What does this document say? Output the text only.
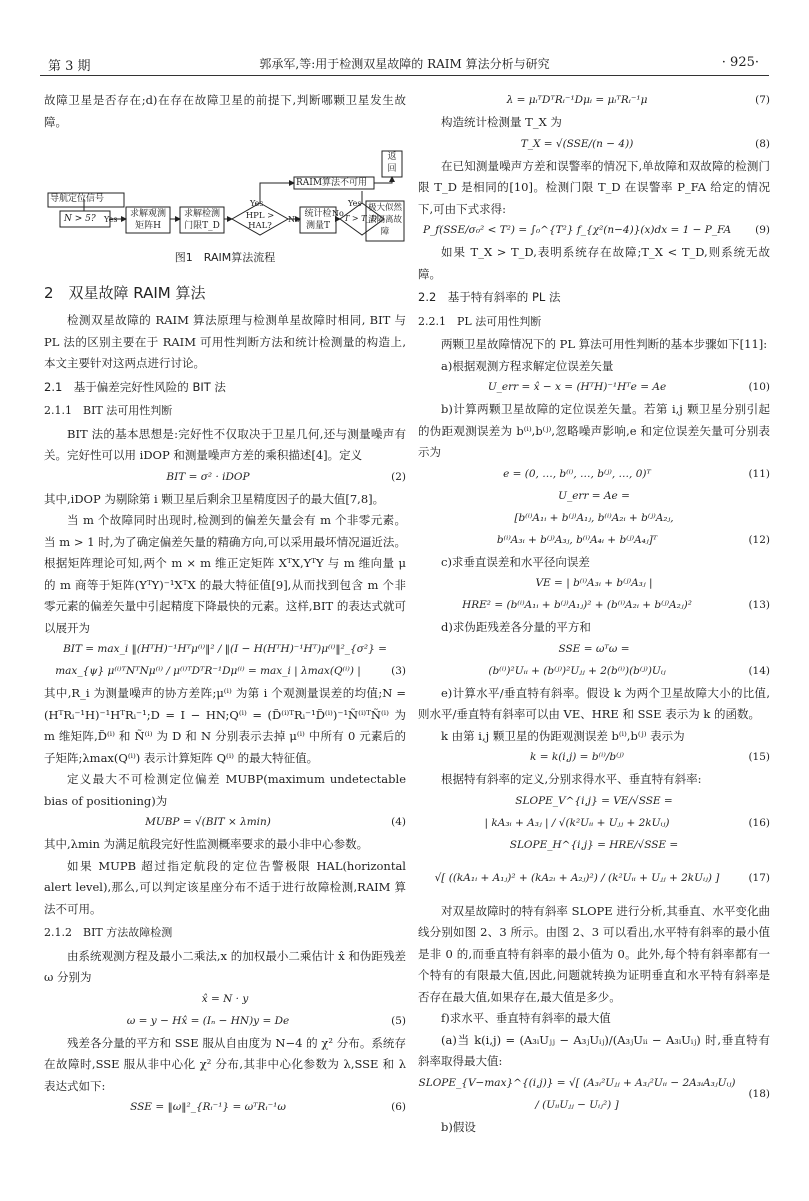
第 3 期	郭承军,等:用于检测双星故障的 RAIM 算法分析与研究	· 925·

故障卫星是否存在;d)在存在故障卫星的前提下,判断哪颗卫星发生故障。

导航定位信号
N > 5?	求解观测矩阵H
求解检测门限T_D
HPL > HAL?
统计检测量T
T > T_D
极大似然法隔离故障
RAIM算法不可用
返回
Yes
Yes	Yes
No
No
图1　RAIM算法流程
2　双星故障 RAIM 算法

检测双星故障的 RAIM 算法原理与检测单星故障时相同, BIT 与 PL 法的区别主要在于 RAIM 可用性判断方法和统计检测量的构造上,本文主要针对这两点进行讨论。

2.1　基于偏差完好性风险的 BIT 法
2.1.1　BIT 法可用性判断

BIT 法的基本思想是:完好性不仅取决于卫星几何,还与测量噪声有关。完好性可以用 iDOP 和测量噪声方差的乘积描述[4]。定义

BIT = σ² · iDOP	(2)

其中,iDOP 为剔除第 i 颗卫星后剩余卫星精度因子的最大值[7,8]。

当 m 个故障同时出现时,检测到的偏差矢量会有 m 个非零元素。当 m > 1 时,为了确定偏差矢量的精确方向,可以采用最坏情况逼近法。根据矩阵理论可知,两个 m × m 维正定矩阵 XᵀX,YᵀY 与 m 维向量 μ 的 m 商等于矩阵(YᵀY)⁻¹XᵀX 的最大特征值[9],从而找到包含 m 个非零元素的偏差矢量中引起精度下降最快的元素。这样,BIT 的表达式就可以展开为

BIT = max_i ‖(HᵀH)⁻¹Hᵀμ⁽ⁱ⁾‖² / ‖(I − H(HᵀH)⁻¹Hᵀ)μ⁽ⁱ⁾‖²_{σ²} =
max_{ψ} μ⁽ⁱ⁾ᵀNᵀNμ⁽ⁱ⁾ / μ⁽ⁱ⁾ᵀDᵀR⁻¹Dμ⁽ⁱ⁾ = max_i | λmax(Q⁽ⁱ⁾) |	(3)

其中,R_i 为测量噪声的协方差阵;μ⁽ⁱ⁾ 为第 i 个观测量误差的均值;N = (HᵀRᵢ⁻¹H)⁻¹HᵀRᵢ⁻¹;D = I − HN;Q⁽ⁱ⁾ = (D̃⁽ⁱ⁾ᵀRᵢ⁻¹D̃⁽ⁱ⁾)⁻¹Ñ⁽ⁱ⁾ᵀÑ⁽ⁱ⁾ 为 m 维矩阵,D̃⁽ⁱ⁾ 和 Ñ⁽ⁱ⁾ 为 D 和 N 分别表示去掉 μ⁽ⁱ⁾ 中所有 0 元素后的子矩阵;λmax(Q⁽ⁱ⁾) 表示计算矩阵 Q⁽ⁱ⁾ 的最大特征值。

定义最大不可检测定位偏差 MUBP(maximum undetectable bias of positioning)为

MUBP = √(BIT × λmin)	(4)

其中,λmin 为满足航段完好性监测概率要求的最小非中心参数。

如果 MUPB 超过指定航段的定位告警极限 HAL(horizontal alert level),那么,可以判定该星座分布不适于进行故障检测,RAIM 算法不可用。

2.1.2　BIT 方法故障检测

由系统观测方程及最小二乘法,x 的加权最小二乘估计 x̂ 和伪距残差 ω 分别为

x̂ = N · y
ω = y − Hx̂ = (Iₙ − HN)y = De	(5)

残差各分量的平方和 SSE 服从自由度为 N−4 的 χ² 分布。系统存在故障时,SSE 服从非中心化 χ² 分布,其非中心化参数为 λ,SSE 和 λ 表达式如下:

SSE = ‖ω‖²_{Rᵢ⁻¹} = ωᵀRᵢ⁻¹ω	(6)
λ = μᵢᵀDᵀRᵢ⁻¹Dμᵢ = μᵢᵀRᵢ⁻¹μ	(7)

构造统计检测量 T_X 为

T_X = √(SSE/(n − 4))	(8)

在已知测量噪声方差和误警率的情况下,单故障和双故障的检测门限 T_D 是相同的[10]。检测门限 T_D 在误警率 P_FA 给定的情况下,可由下式求得:

P_f(SSE/σ₀² < T²) = ∫₀^{T²} f_{χ²(n−4)}(x)dx = 1 − P_FA	(9)

如果 T_X > T_D,表明系统存在故障;T_X < T_D,则系统无故障。

2.2　基于特有斜率的 PL 法
2.2.1　PL 法可用性判断

两颗卫星故障情况下的 PL 算法可用性判断的基本步骤如下[11]:

a)根据观测方程求解定位误差矢量

U_err = x̂ − x = (HᵀH)⁻¹Hᵀe = Ae	(10)

b)计算两颗卫星故障的定位误差矢量。若第 i,j 颗卫星分别引起的伪距观测误差为 b⁽ⁱ⁾,b⁽ʲ⁾,忽略噪声影响,e 和定位误差矢量可分别表示为

e = (0, …, b⁽ⁱ⁾, …, b⁽ʲ⁾, …, 0)ᵀ	(11)
U_err = Ae =
[b⁽ⁱ⁾A₁ᵢ + b⁽ʲ⁾A₁ⱼ, b⁽ⁱ⁾A₂ᵢ + b⁽ʲ⁾A₂ⱼ,
b⁽ⁱ⁾A₃ᵢ + b⁽ʲ⁾A₃ⱼ, b⁽ⁱ⁾A₄ᵢ + b⁽ʲ⁾A₄ⱼ]ᵀ	(12)

c)求垂直误差和水平径向误差

VE = | b⁽ⁱ⁾A₃ᵢ + b⁽ʲ⁾A₃ⱼ |
HRE² = (b⁽ⁱ⁾A₁ᵢ + b⁽ʲ⁾A₁ⱼ)² + (b⁽ⁱ⁾A₂ᵢ + b⁽ʲ⁾A₂ⱼ)²	(13)

d)求伪距残差各分量的平方和

SSE = ωᵀω =
(b⁽ⁱ⁾)²Uᵢᵢ + (b⁽ʲ⁾)²Uⱼⱼ + 2(b⁽ⁱ⁾)(b⁽ʲ⁾)Uᵢⱼ	(14)

e)计算水平/垂直特有斜率。假设 k 为两个卫星故障大小的比值,则水平/垂直特有斜率可以由 VE、HRE 和 SSE 表示为 k 的函数。

k 由第 i,j 颗卫星的伪距观测误差 b⁽ⁱ⁾,b⁽ʲ⁾ 表示为

k = k(i,j) = b⁽ⁱ⁾/b⁽ʲ⁾	(15)

根据特有斜率的定义,分别求得水平、垂直特有斜率:

SLOPE_V^{i,j} = VE/√SSE =
| kA₃ᵢ + A₃ⱼ | / √(k²Uᵢᵢ + Uⱼⱼ + 2kUᵢⱼ)	(16)
SLOPE_H^{i,j} = HRE/√SSE =
√[ ((kA₁ᵢ + A₁ⱼ)² + (kA₂ᵢ + A₂ⱼ)²) / (k²Uᵢᵢ + Uⱼⱼ + 2kUᵢⱼ) ]	(17)

对双星故障时的特有斜率 SLOPE 进行分析,其垂直、水平变化曲线分别如图 2、3 所示。由图 2、3 可以看出,水平特有斜率的最小值是非 0 的,而垂直特有斜率的最小值为 0。此外,每个特有斜率都有一个特有的有限最大值,因此,问题就转换为证明垂直和水平特有斜率是否存在最大值,如果存在,最大值是多少。

f)求水平、垂直特有斜率的最大值

(a)当 k(i,j) = (A₃ᵢUⱼⱼ − A₃ⱼUᵢⱼ)/(A₃ⱼUᵢᵢ − A₃ᵢUᵢⱼ) 时,垂直特有斜率取得最大值:

SLOPE_{V−max}^{(i,j)} = √[ (A₃ᵢ²Uⱼⱼ + A₃ⱼ²Uᵢᵢ − 2A₃ᵢA₃ⱼUᵢⱼ) / (UᵢᵢUⱼⱼ − Uᵢⱼ²) ]
(18)

b)假设
